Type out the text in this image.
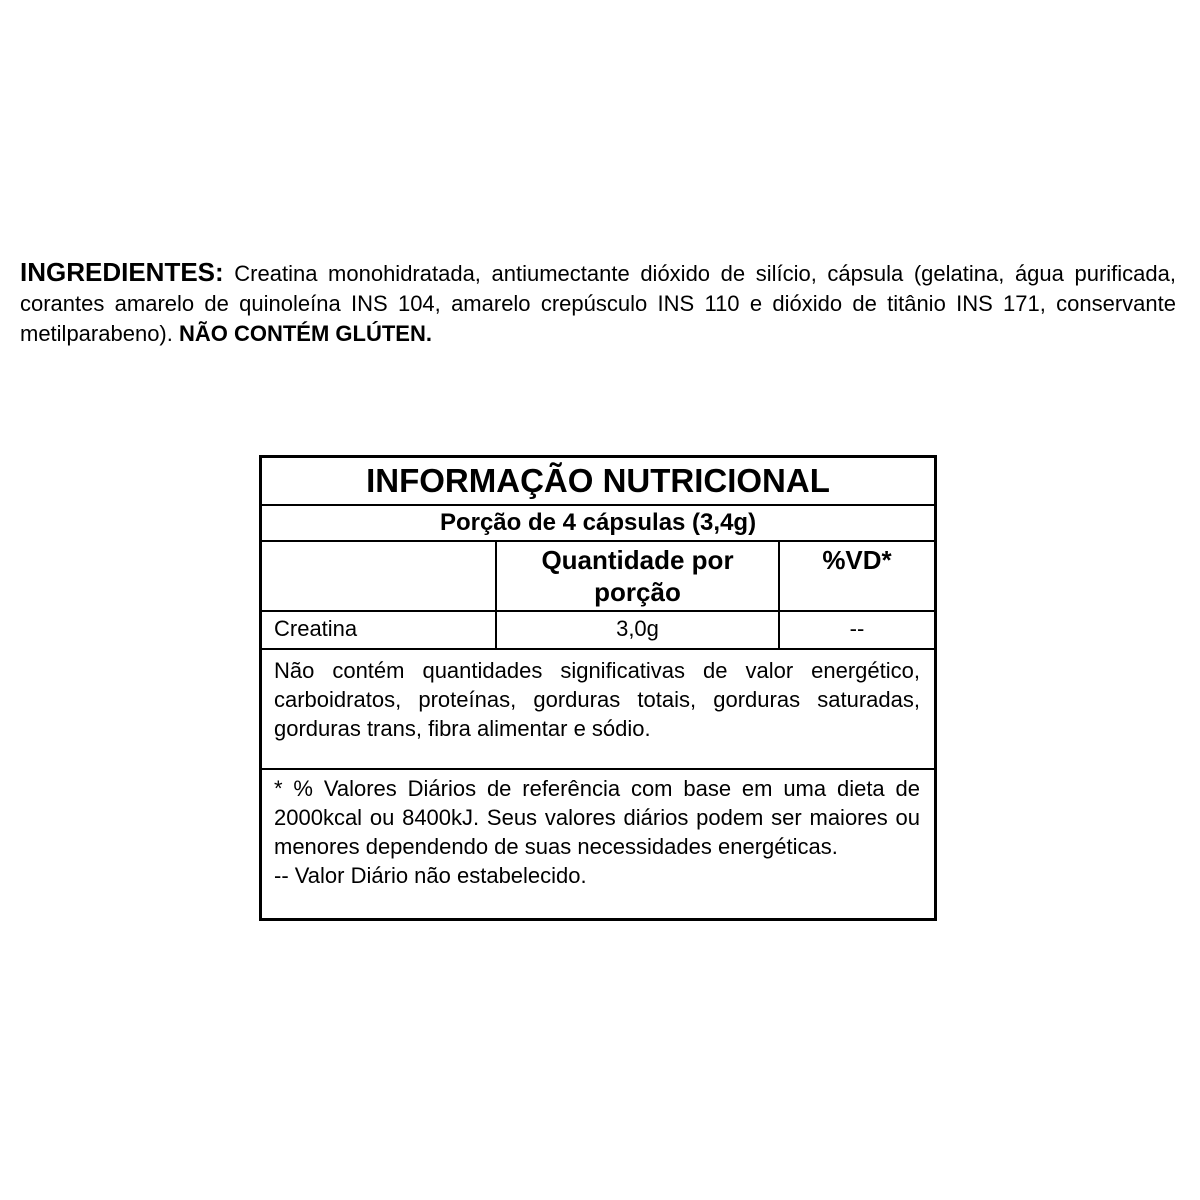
INGREDIENTES: Creatina monohidratada, antiumectante dióxido de silício, cápsula (gelatina, água purificada, corantes amarelo de quinoleína INS 104, amarelo crepúsculo INS 110 e dióxido de titânio INS 171, conservante metilparabeno). NÃO CONTÉM GLÚTEN.
INFORMAÇÃO NUTRICIONAL
Porção de 4 cápsulas (3,4g)
Quantidade por porção
%VD*
Creatina	3,0g	--
Não contém quantidades significativas de valor energético, carboidratos, proteínas, gorduras totais, gorduras saturadas, gorduras trans, fibra alimentar e sódio.
* % Valores Diários de referência com base em uma dieta de 2000kcal ou 8400kJ. Seus valores diários podem ser maiores ou menores dependendo de suas necessidades energéticas.
-- Valor Diário não estabelecido.
